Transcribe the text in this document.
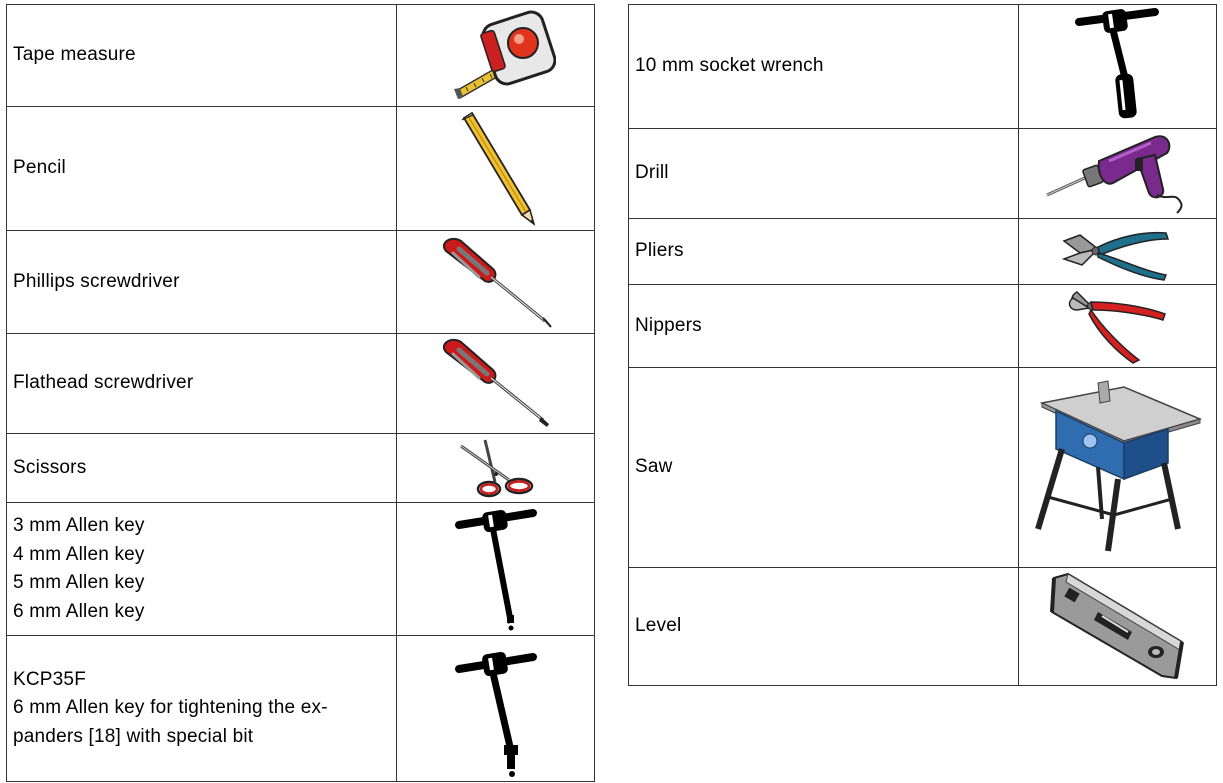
Tape measure	

Pencil	

Phillips screwdriver	

Flathead screwdriver	

Scissors	

3 mm Allen key
4 mm Allen key
5 mm Allen key
6 mm Allen key

KCP35F
6 mm Allen key for tightening the ex-
panders [18] with special bit

10 mm socket wrench	

Drill	

Pliers	

Nippers	

Saw	

Level	
